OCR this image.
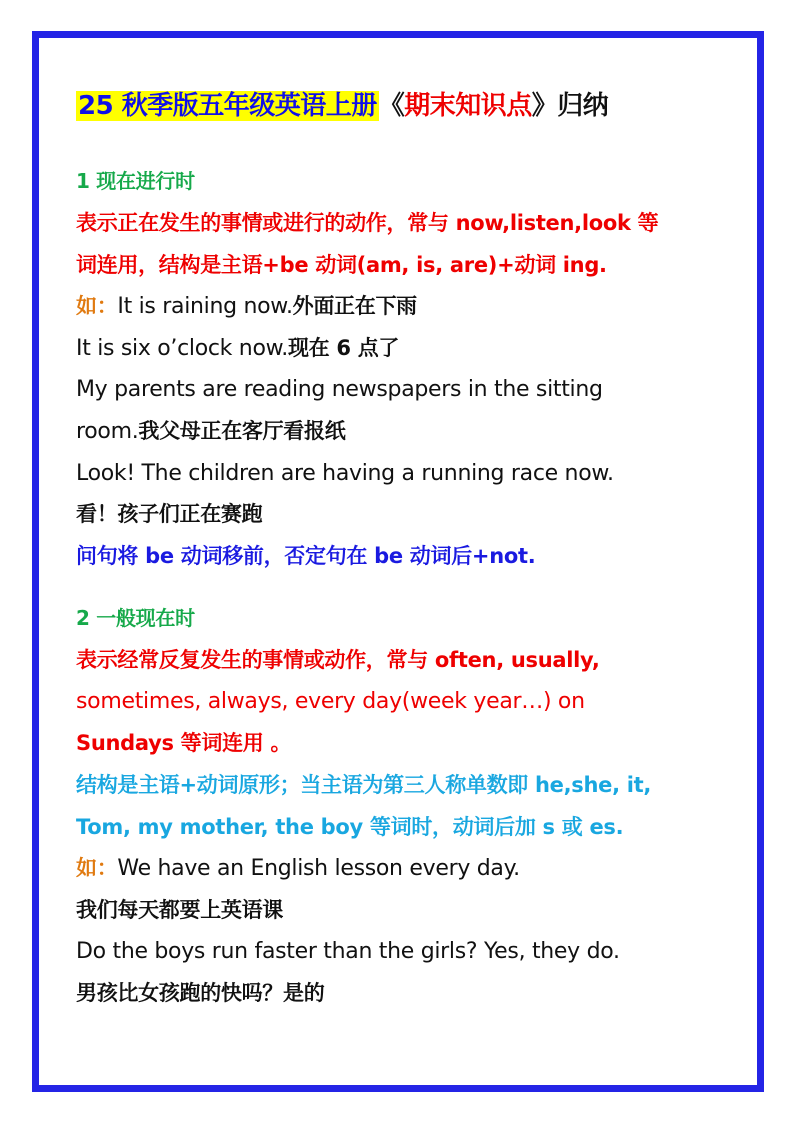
25 秋季版五年级英语上册《期末知识点》归纳
1 现在进行时
表示正在发生的事情或进行的动作，常与 now,listen,look 等
词连用，结构是主语+be 动词(am, is, are)+动词 ing.
如：It is raining now.外面正在下雨
It is six o’clock now.现在 6 点了
My parents are reading newspapers in the sitting
room.我父母正在客厅看报纸
Look! The children are having a running race now.
看！孩子们正在赛跑
问句将 be 动词移前，否定句在 be 动词后+not.
2 一般现在时
表示经常反复发生的事情或动作，常与 often, usually,
sometimes, always, every day(week year…) on
Sundays 等词连用 。
结构是主语+动词原形；当主语为第三人称单数即 he,she, it,
Tom, my mother, the boy 等词时，动词后加 s 或 es.
如：We have an English lesson every day.
我们每天都要上英语课
Do the boys run faster than the girls? Yes, they do.
男孩比女孩跑的快吗？是的
